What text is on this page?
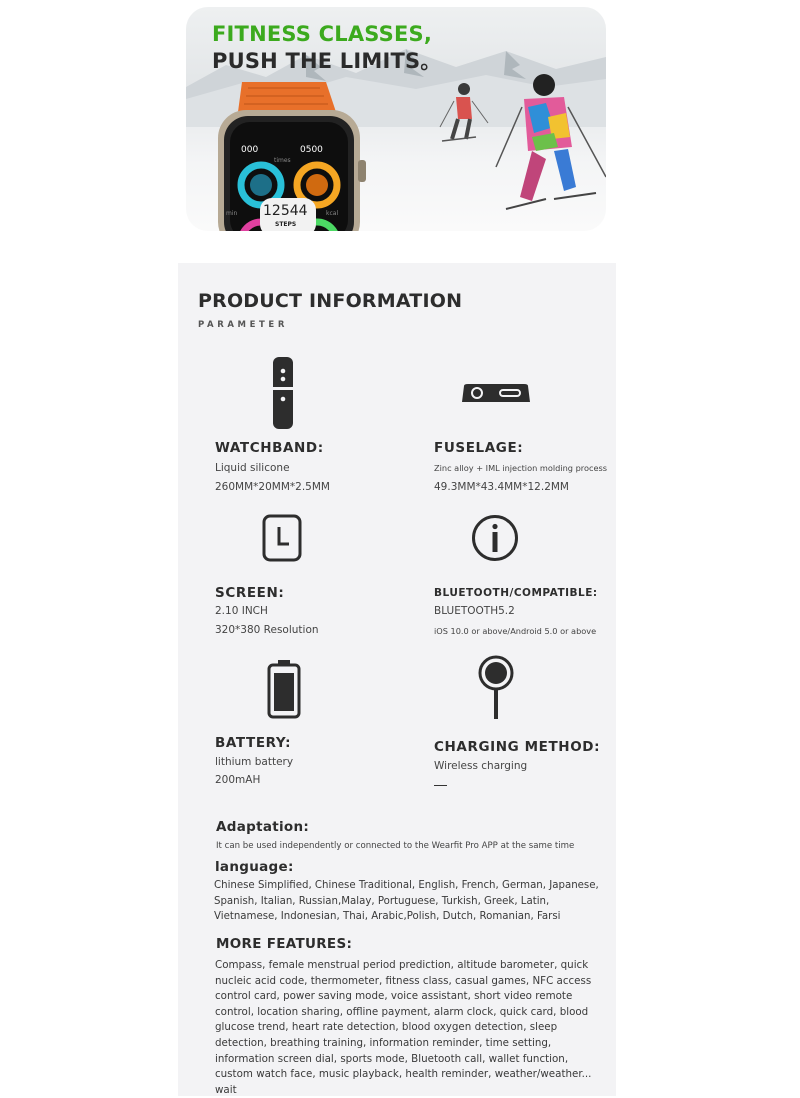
FITNESS CLASSES,
PUSH THE LIMITS。
000	0500
times
min	kcal
12544
STEPS
PRODUCT INFORMATION
PARAMETER
WATCHBAND:
Liquid silicone
260MM*20MM*2.5MM
FUSELAGE:
Zinc alloy + IML injection molding process
49.3MM*43.4MM*12.2MM
SCREEN:
2.10 INCH
320*380 Resolution
BLUETOOTH/COMPATIBLE:
BLUETOOTH5.2
iOS 10.0 or above/Android 5.0 or above
BATTERY:
lithium battery
200mAH
CHARGING METHOD:
Wireless charging
Adaptation:
It can be used independently or connected to the Wearfit Pro APP at the same time
language:
Chinese Simplified, Chinese Traditional, English, French, German, Japanese, Spanish, Italian, Russian,Malay, Portuguese, Turkish, Greek, Latin, Vietnamese, Indonesian, Thai, Arabic,Polish, Dutch, Romanian, Farsi
MORE FEATURES:
Compass, female menstrual period prediction, altitude barometer, quick nucleic acid code, thermometer, fitness class, casual games, NFC access control card, power saving mode, voice assistant, short video remote control, location sharing, offline payment, alarm clock, quick card, blood glucose trend, heart rate detection, blood oxygen detection, sleep detection, breathing training, information reminder, time setting, information screen dial, sports mode, Bluetooth call, wallet function, custom watch face, music playback, health reminder, weather/weather... wait
